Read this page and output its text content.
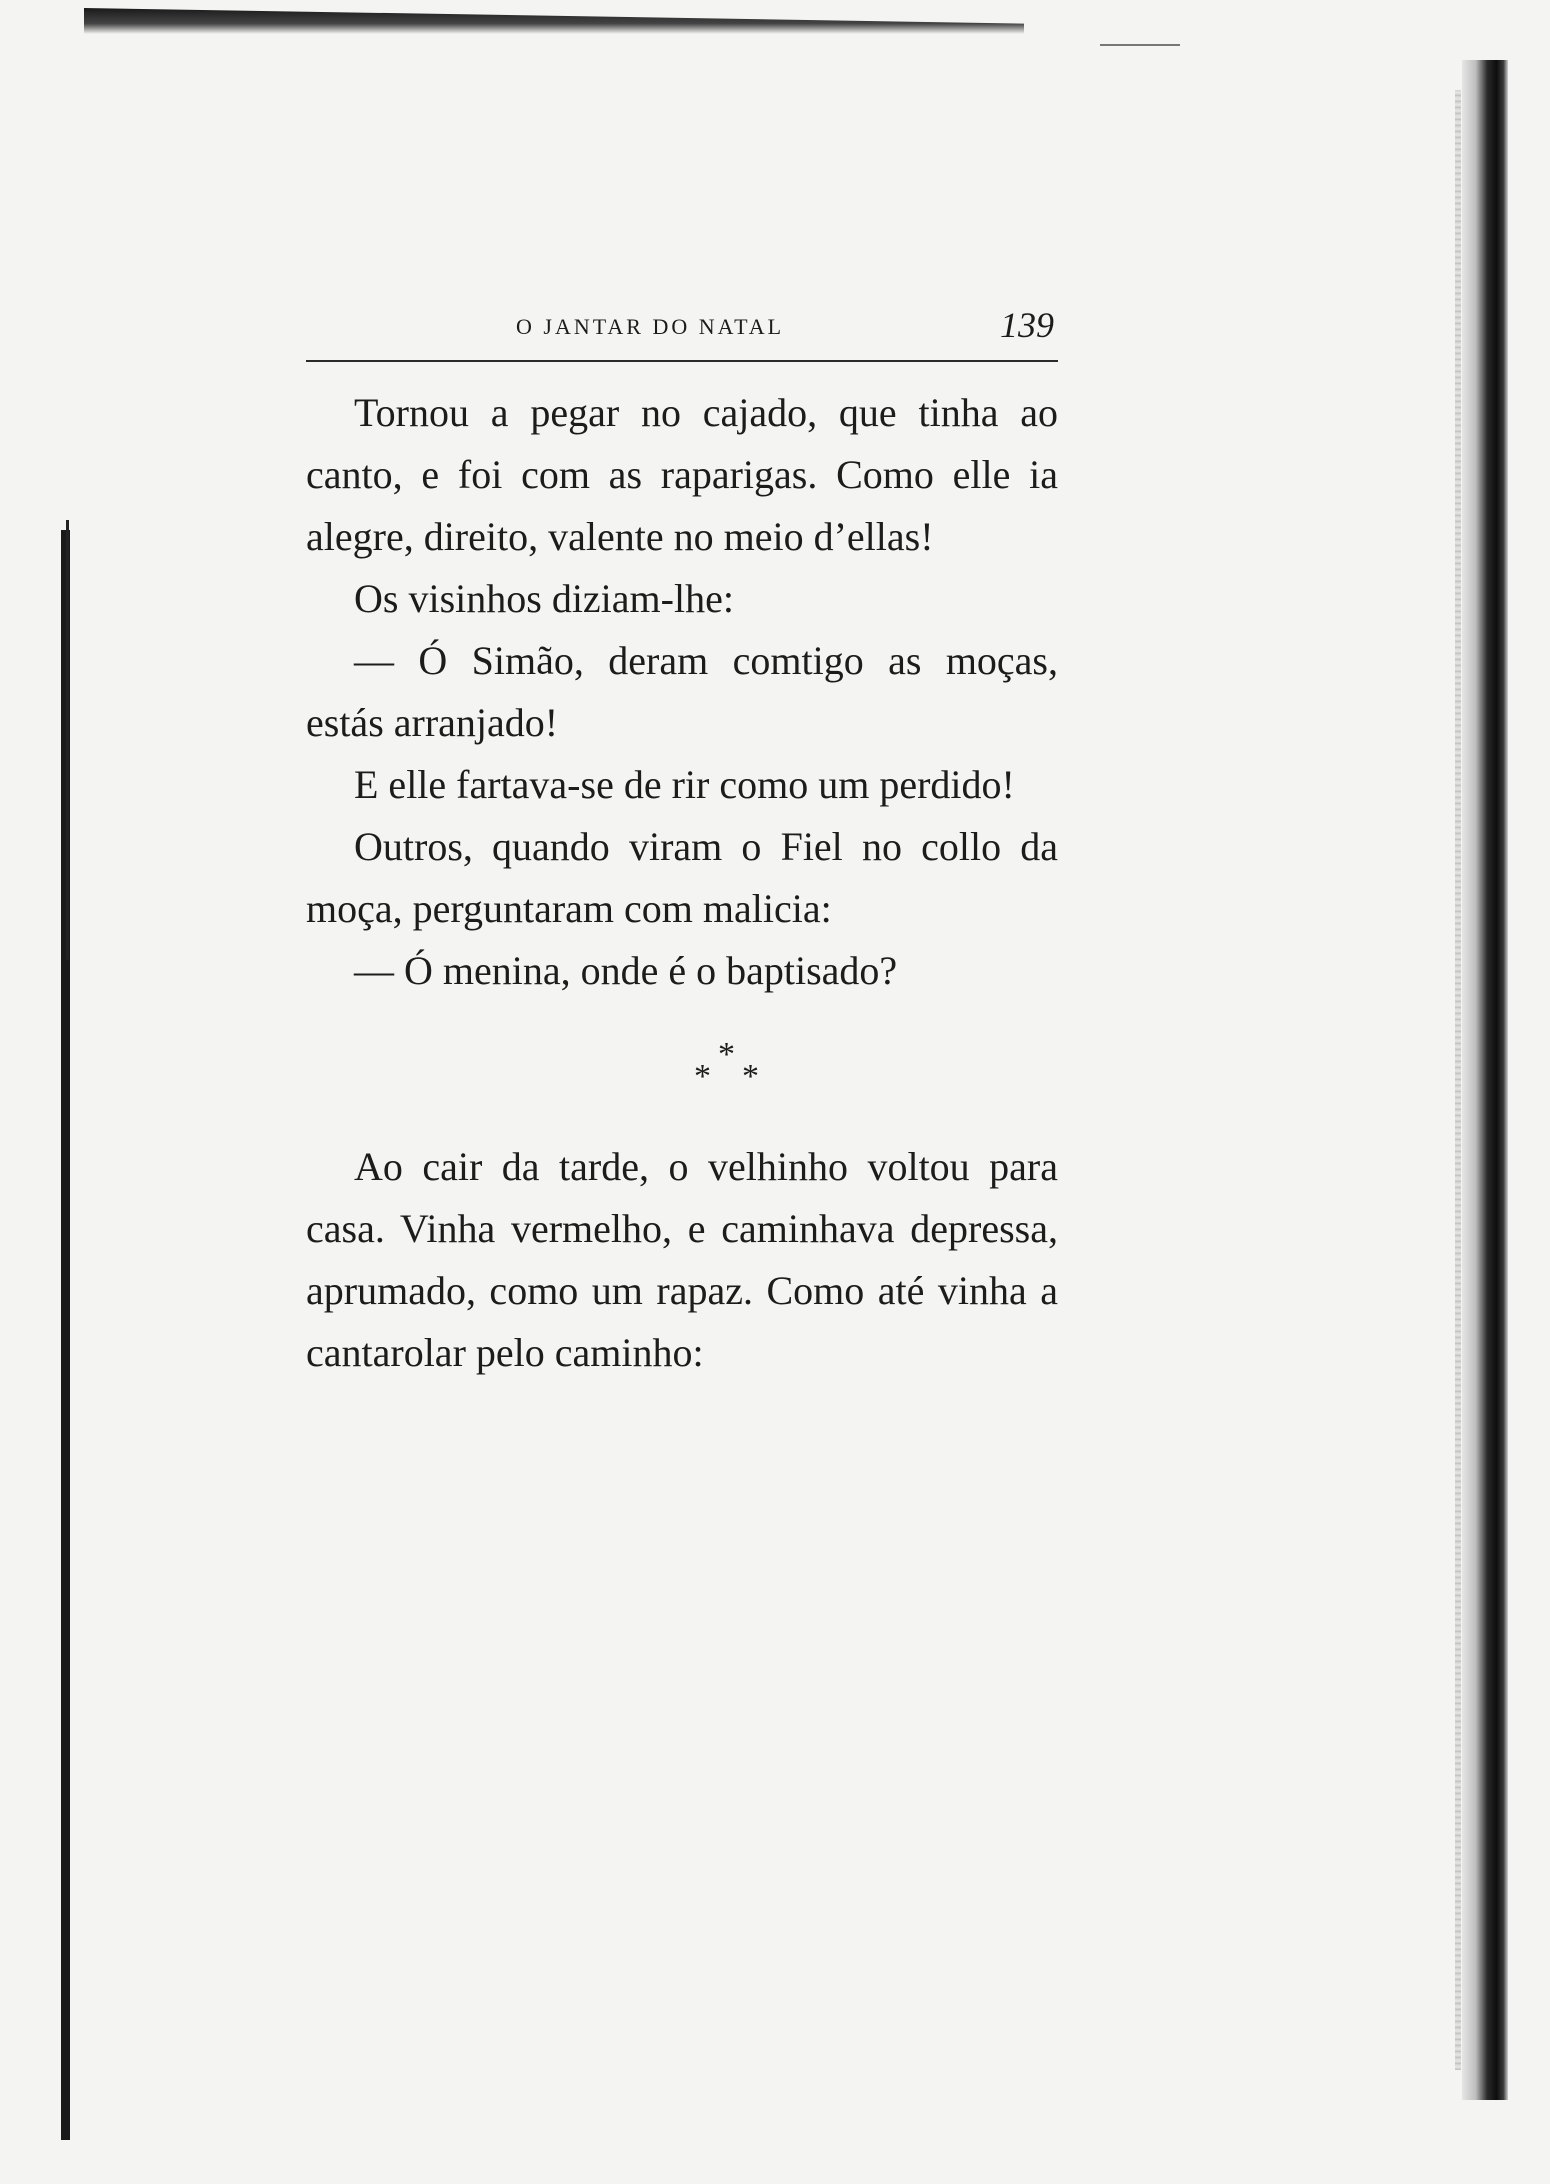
O JANTAR DO NATAL	139

Tornou a pegar no cajado, que tinha ao canto, e foi com as raparigas. Como elle ia alegre, direito, valente no meio d’ellas!

Os visinhos diziam-lhe:

— Ó Simão, deram comtigo as moças, estás arranjado!

E elle fartava-se de rir como um perdido!

Outros, quando viram o Fiel no collo da moça, perguntaram com malicia:

— Ó menina, onde é o baptisado?

*
* *

Ao cair da tarde, o velhinho voltou para casa. Vinha vermelho, e caminhava depressa, aprumado, como um rapaz. Como até vinha a cantarolar pelo caminho:
